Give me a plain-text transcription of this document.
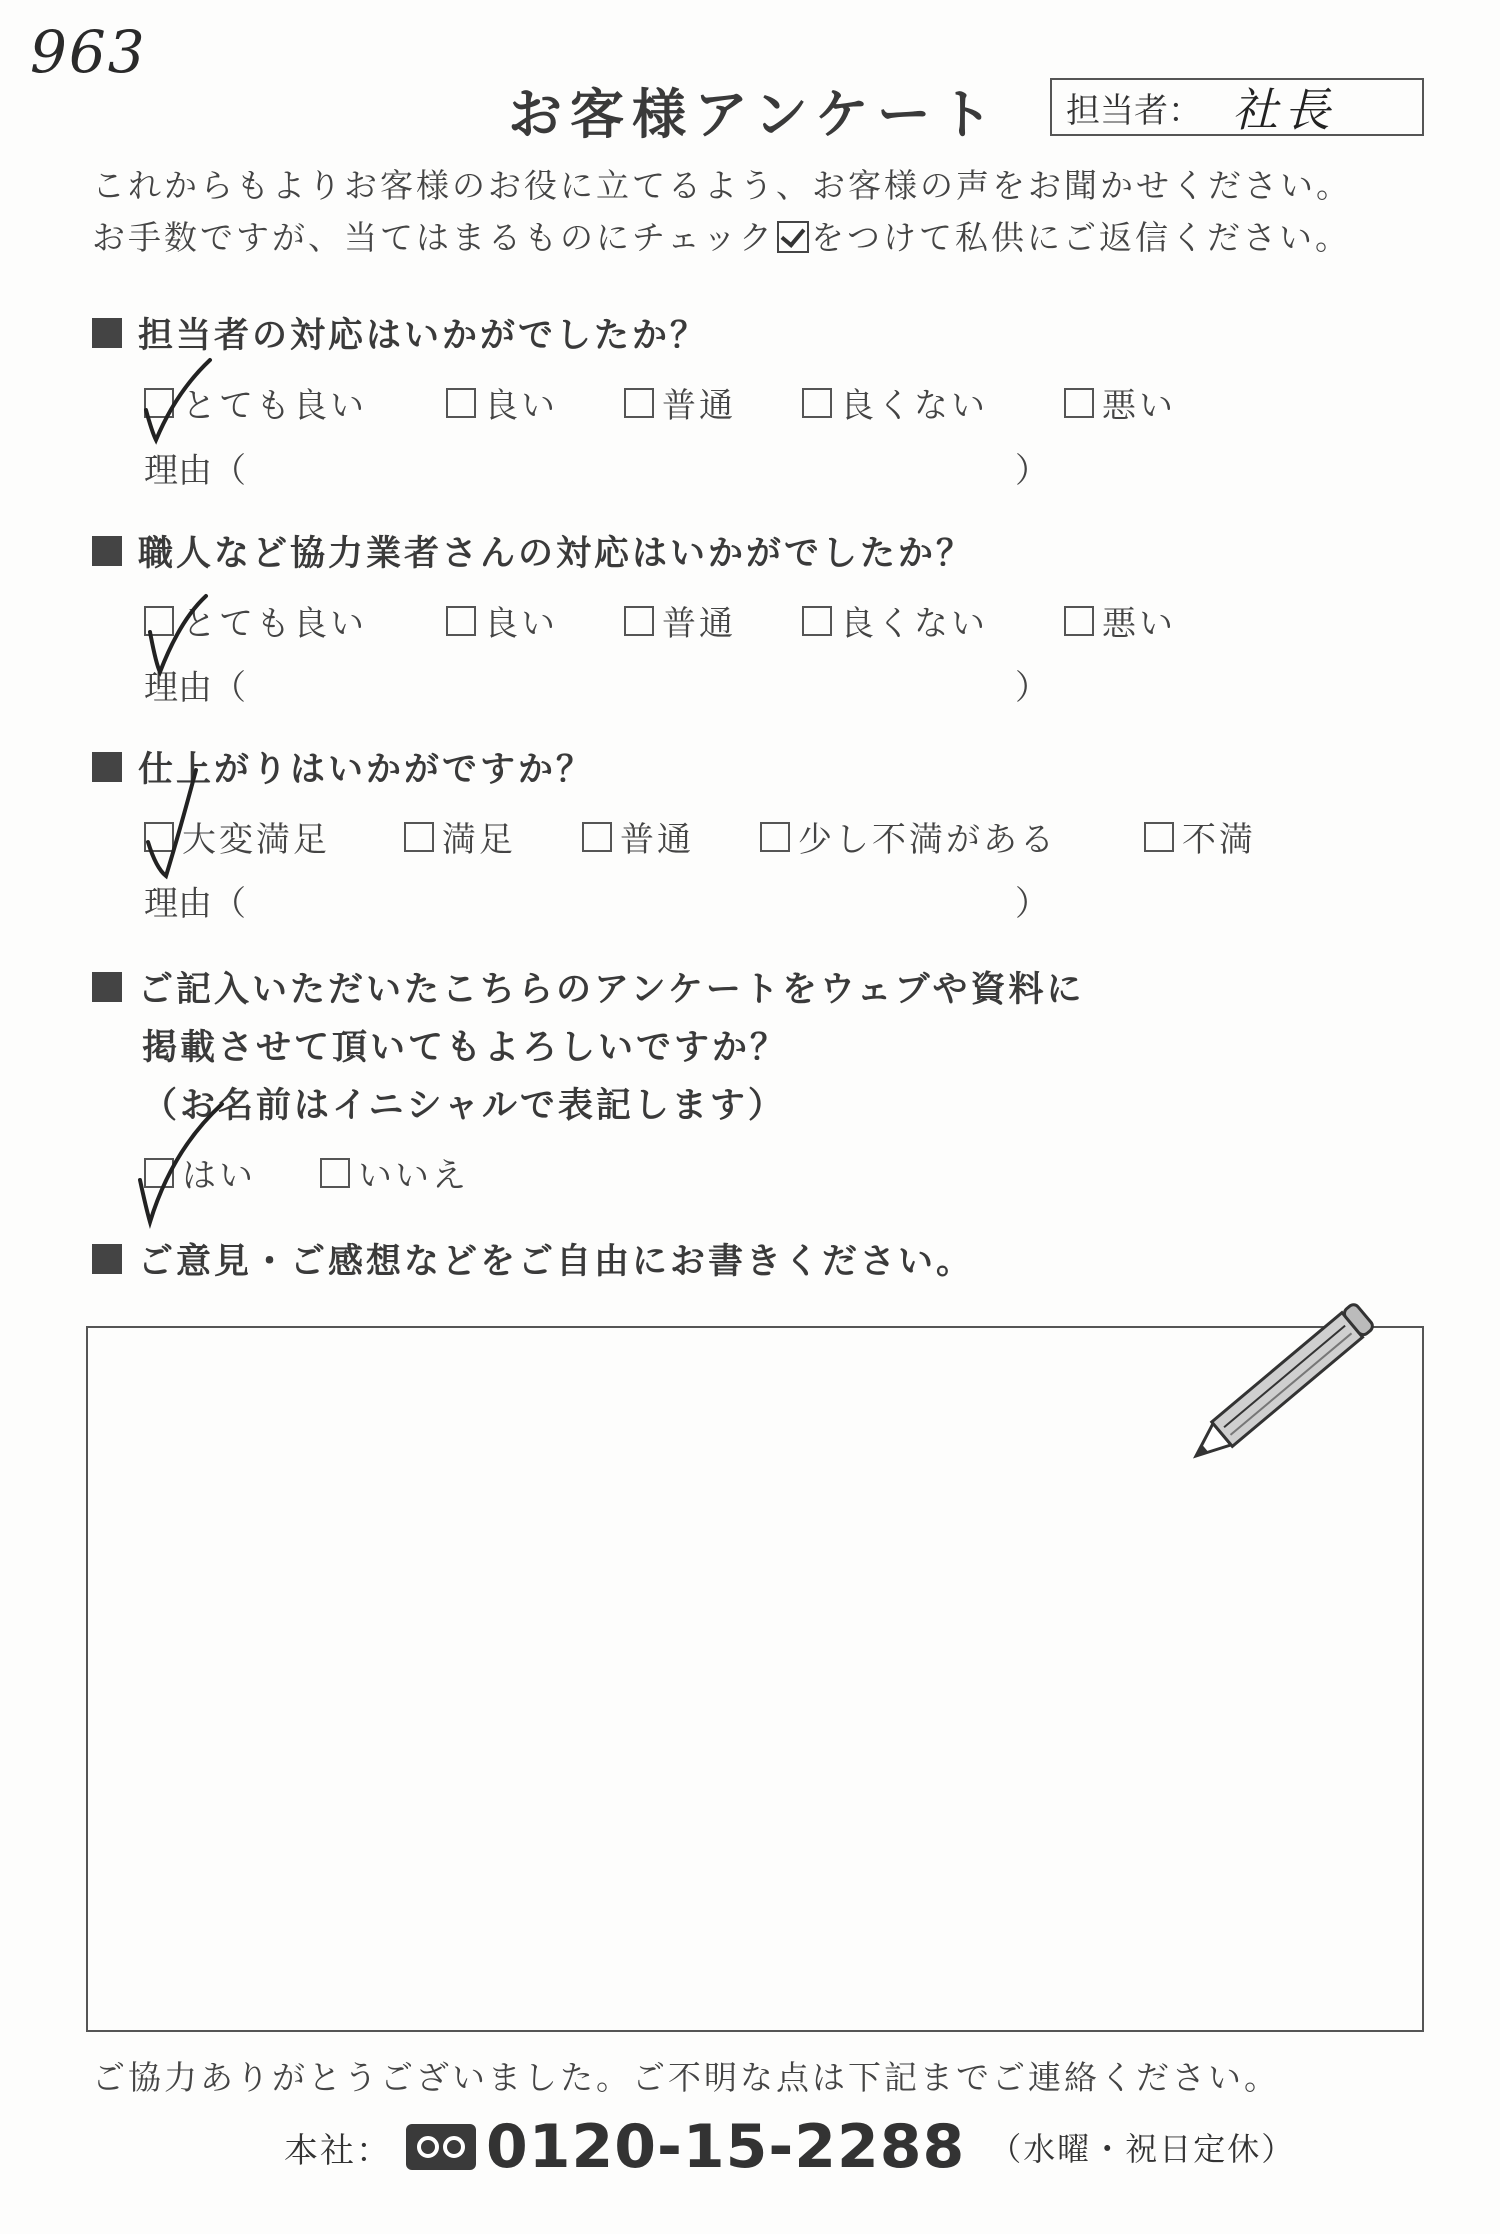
963
お客様アンケート 担当者： 社長
これからもよりお客様のお役に立てるよう、お客様の声をお聞かせください。
お手数ですが、当てはまるものにチェック をつけて私供にご返信ください。
担当者の対応はいかがでしたか？
とても良い	良い	普通	良くない	悪い
理由（	）
職人など協力業者さんの対応はいかがでしたか？
とても良い	良い	普通	良くない	悪い
理由（	）
仕上がりはいかがですか？
大変満足	満足	普通	少し不満がある	不満
理由（	）
ご記入いただいたこちらのアンケートをウェブや資料に
掲載させて頂いてもよろしいですか？
（お名前はイニシャルで表記します）
はい	いいえ
ご意見・ご感想などをご自由にお書きください。
ご協力ありがとうございました。ご不明な点は下記までご連絡ください。
本社： 0120-15-2288 （水曜・祝日定休）
